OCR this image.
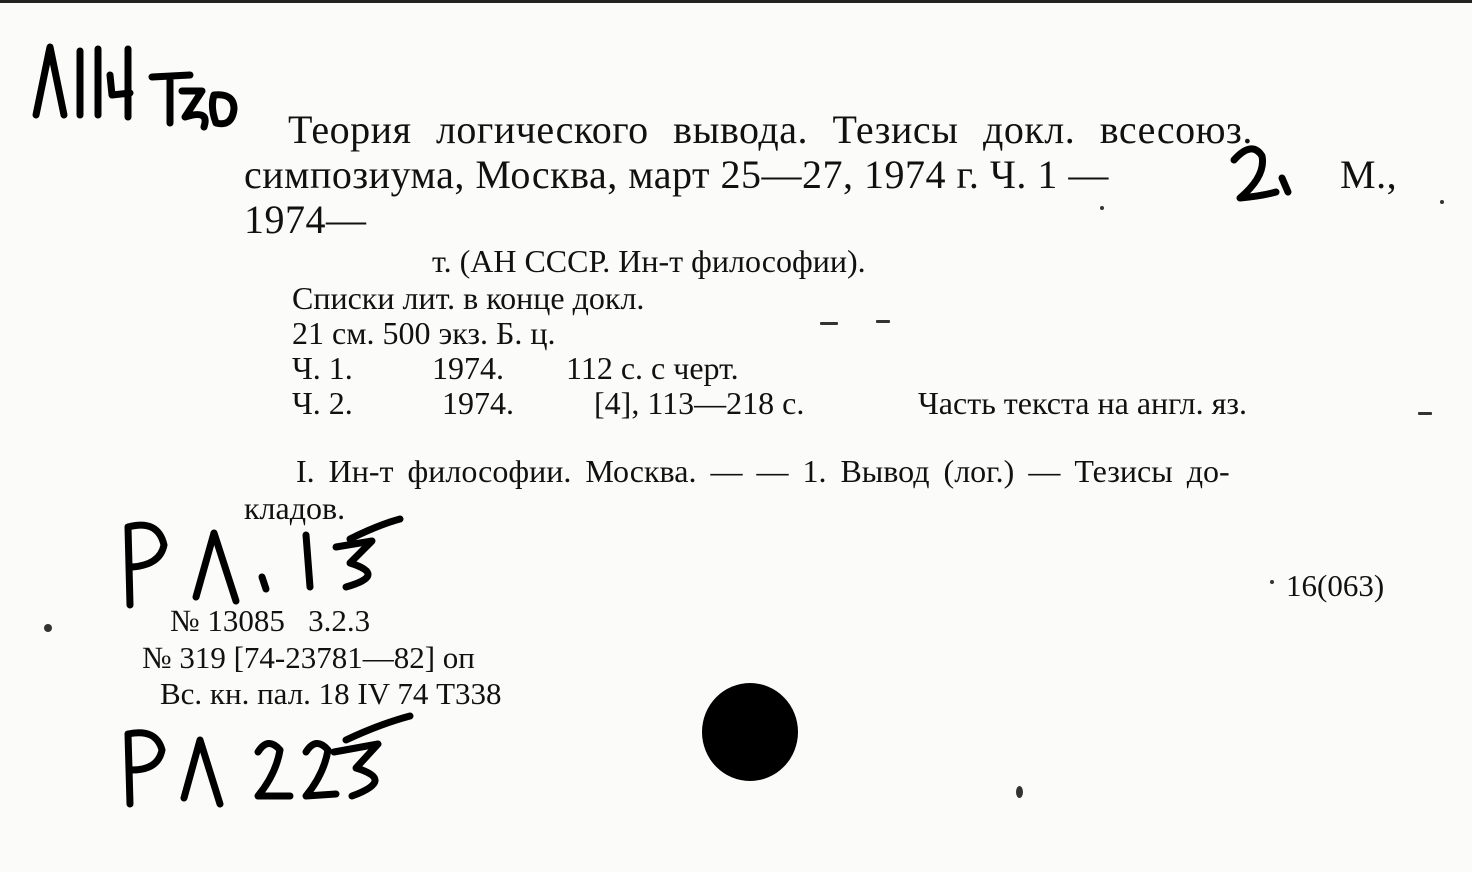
Теория логического вывода. Тезисы докл. всесоюз.
симпозиума, Москва, март 25—27, 1974 г. Ч. 1 —	М.,
1974—
т. (АН СССР. Ин-т философии).
Списки лит. в конце докл.
21 см. 500 экз. Б. ц.
Ч. 1. 1974. 112 с. с черт.
Ч. 2.	1974.	[4], 113—218 с.	Часть текста на англ. яз.
I. Ин-т философии. Москва. — — 1. Вывод (лог.) — Тезисы до-
кладов.
16(063)
№ 13085   3.2.3
№ 319 [74-23781—82] оп
Вс. кн. пал. 18 IV 74 Т338
